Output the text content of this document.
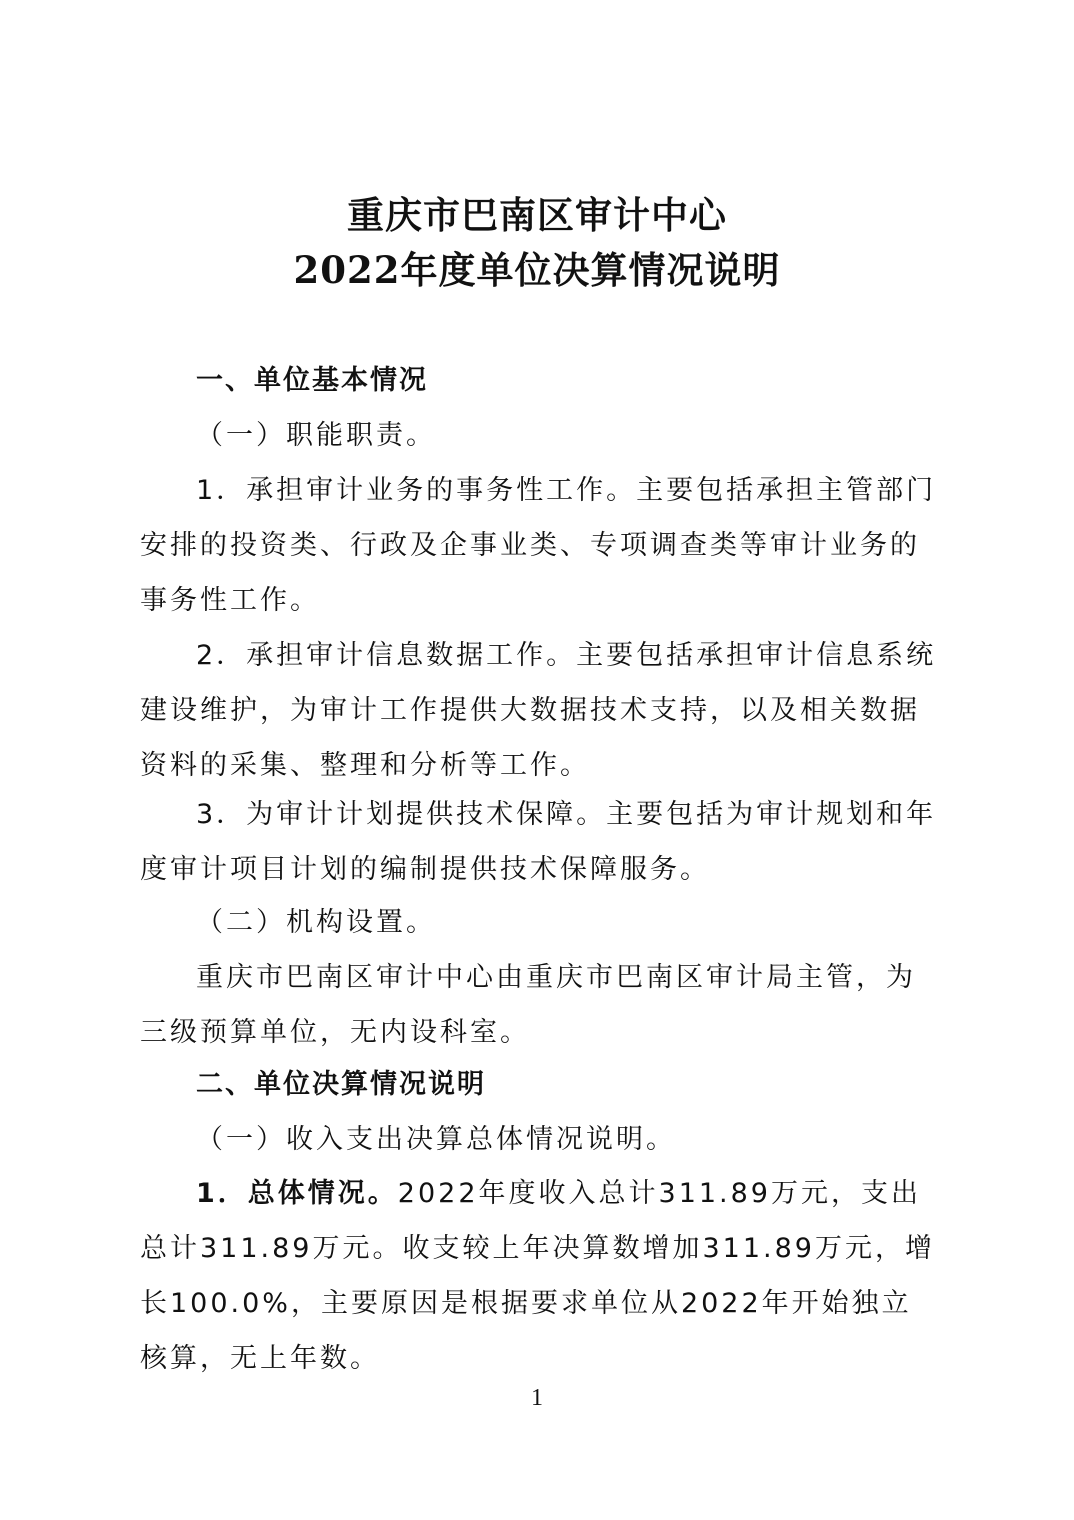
重庆市巴南区审计中心
2022年度单位决算情况说明
一、单位基本情况
（一）职能职责。
1．承担审计业务的事务性工作。主要包括承担主管部门安排的投资类、行政及企事业类、专项调查类等审计业务的事务性工作。
2．承担审计信息数据工作。主要包括承担审计信息系统建设维护，为审计工作提供大数据技术支持，以及相关数据资料的采集、整理和分析等工作。
3．为审计计划提供技术保障。主要包括为审计规划和年度审计项目计划的编制提供技术保障服务。
（二）机构设置。
重庆市巴南区审计中心由重庆市巴南区审计局主管，为三级预算单位，无内设科室。
二、单位决算情况说明
（一）收入支出决算总体情况说明。
1．总体情况。2022年度收入总计311.89万元，支出总计311.89万元。收支较上年决算数增加311.89万元，增长100.0%，主要原因是根据要求单位从2022年开始独立核算，无上年数。
1
